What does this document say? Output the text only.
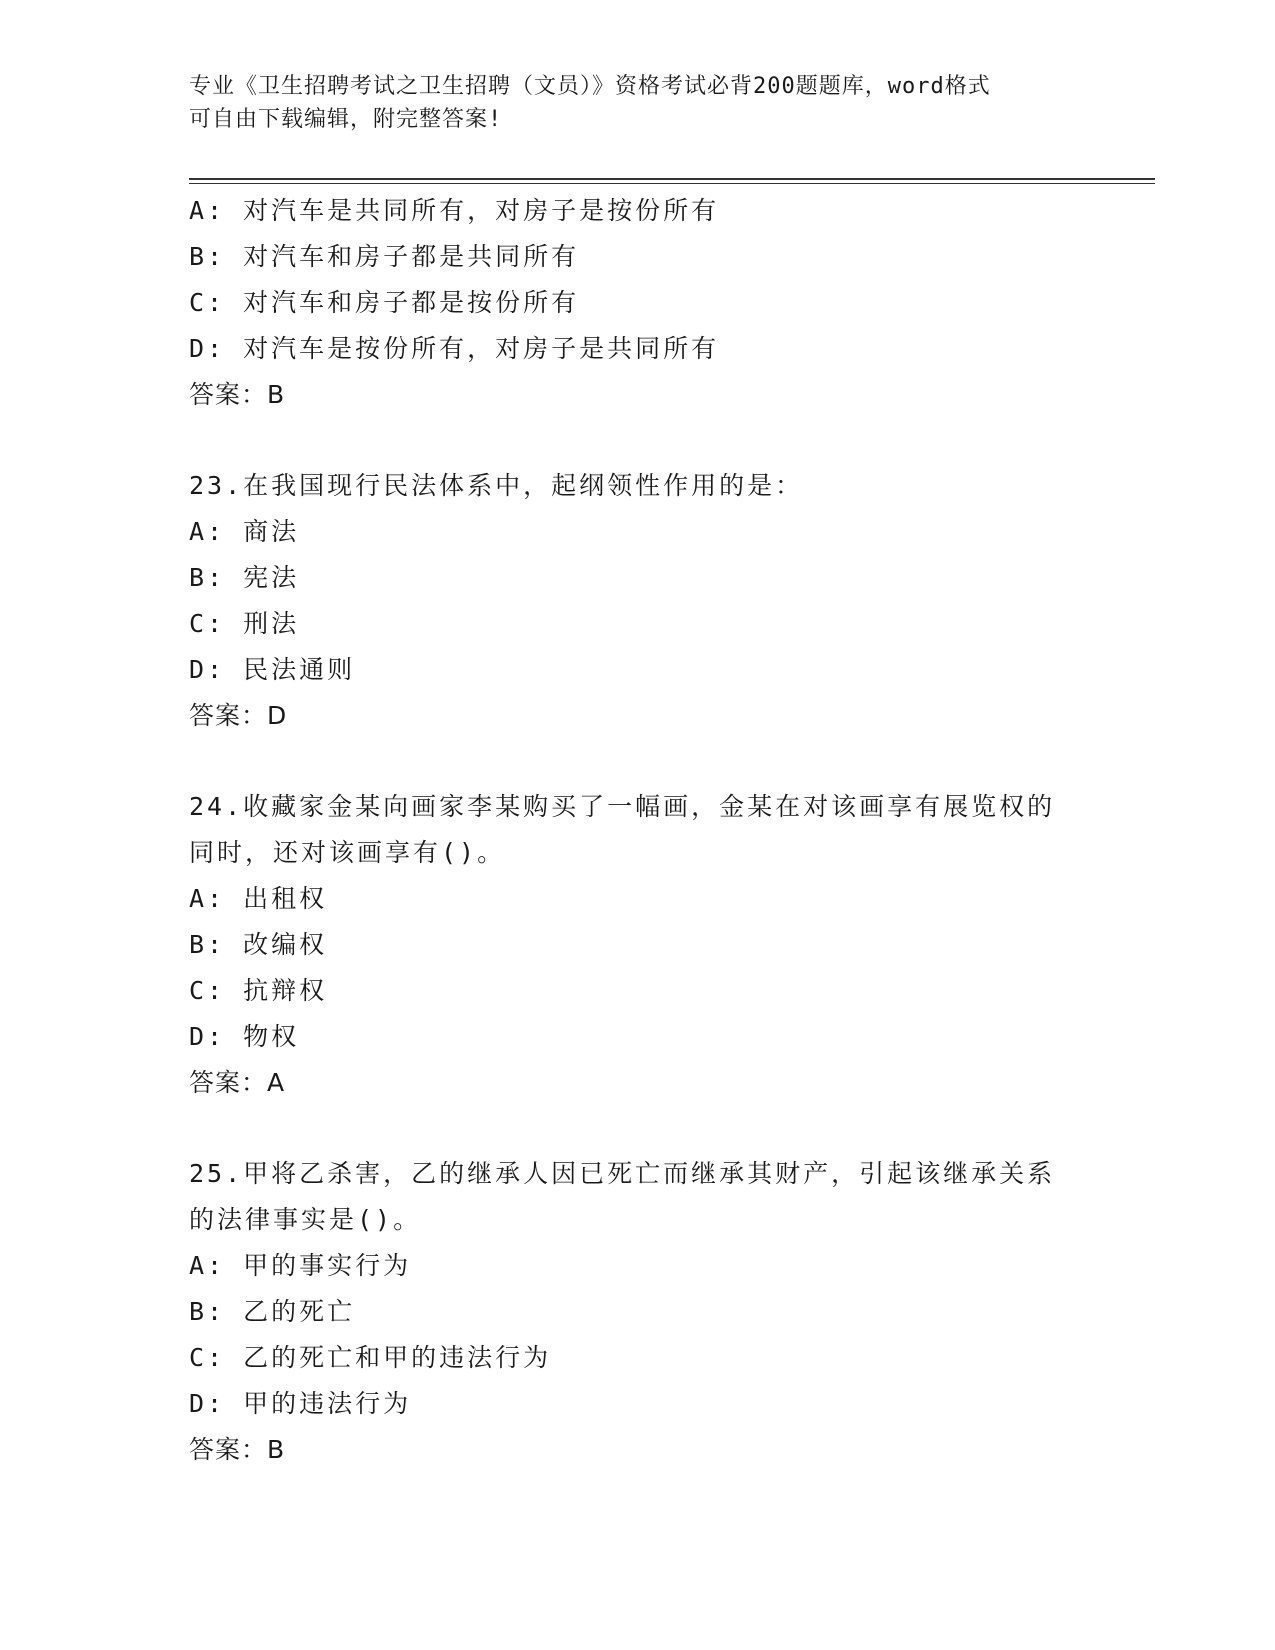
专业《卫生招聘考试之卫生招聘（文员）》资格考试必背200题题库，word格式
可自由下载编辑，附完整答案!
A: 对汽车是共同所有，对房子是按份所有
B: 对汽车和房子都是共同所有
C: 对汽车和房子都是按份所有
D: 对汽车是按份所有，对房子是共同所有
答案：B
23.在我国现行民法体系中，起纲领性作用的是：
A: 商法
B: 宪法
C: 刑法
D: 民法通则
答案：D
24.收藏家金某向画家李某购买了一幅画，金某在对该画享有展览权的
同时，还对该画享有()。
A: 出租权
B: 改编权
C: 抗辩权
D: 物权
答案：A
25.甲将乙杀害，乙的继承人因已死亡而继承其财产，引起该继承关系
的法律事实是()。
A: 甲的事实行为
B: 乙的死亡
C: 乙的死亡和甲的违法行为
D: 甲的违法行为
答案：B
